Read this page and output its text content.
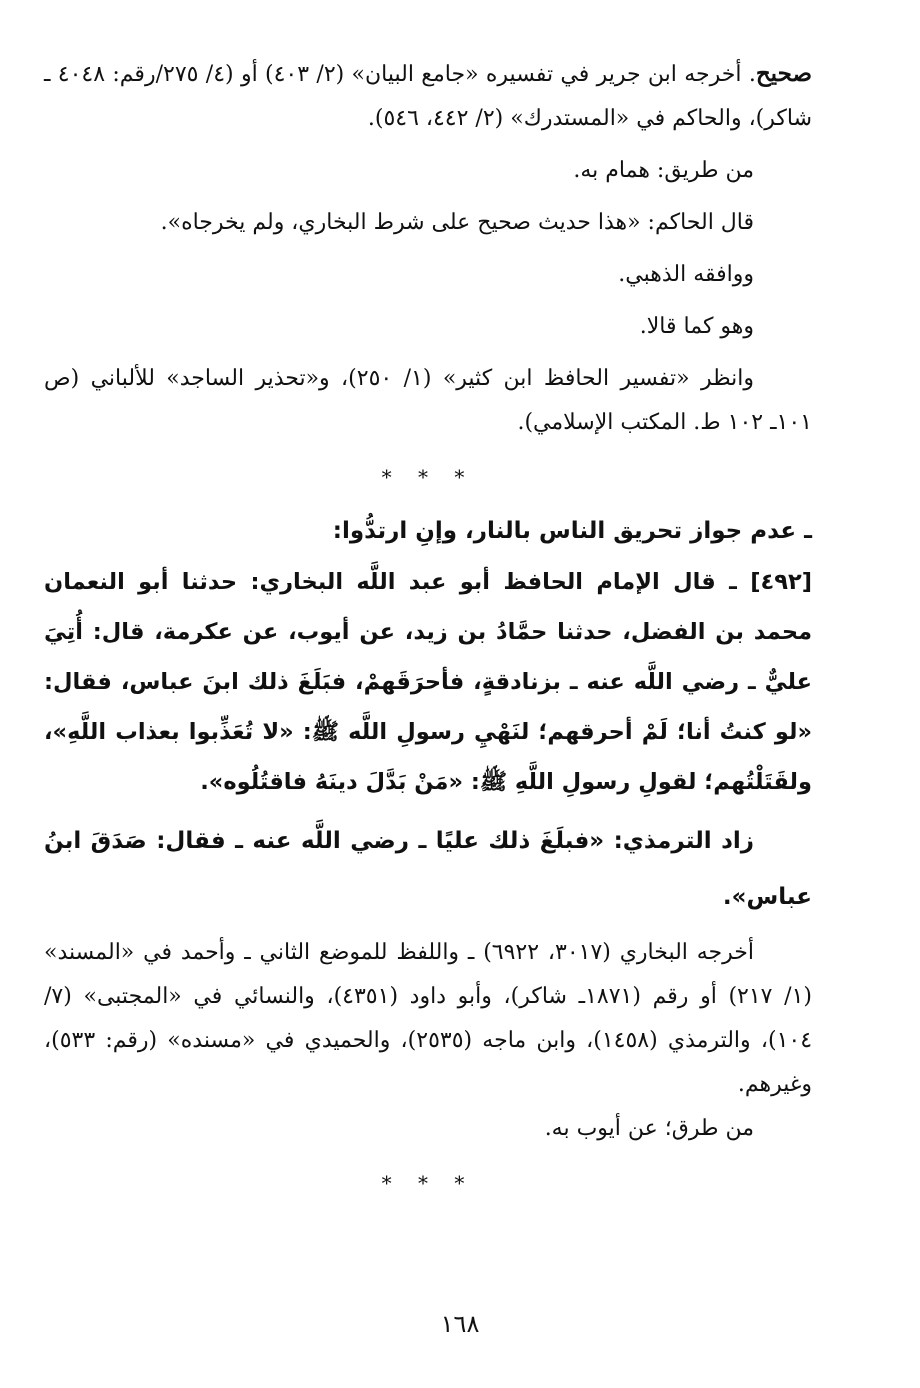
صحيح. أخرجه ابن جرير في تفسيره «جامع البيان» (٢/ ٤٠٣) أو (٤/ ٢٧٥/رقم: ٤٠٤٨ ـ شاكر)، والحاكم في «المستدرك» (٢/ ٤٤٢، ٥٤٦).

من طريق: همام به.

قال الحاكم: «هذا حديث صحيح على شرط البخاري، ولم يخرجاه».

ووافقه الذهبي.

وهو كما قالا.

وانظر «تفسير الحافظ ابن كثير» (١/ ٢٥٠)، و«تحذير الساجد» للألباني (ص ١٠١ـ ١٠٢ ط. المكتب الإسلامي).

* * *

ـ عدم جواز تحريق الناس بالنار، وإنِ ارتدُّوا:

[٤٩٢] ـ قال الإمام الحافظ أبو عبد اللَّه البخاري: حدثنا أبو النعمان محمد بن الفضل، حدثنا حمَّادُ بن زيد، عن أيوب، عن عكرمة، قال: أُتِيَ عليٌّ ـ رضي اللَّه عنه ـ بزنادقةٍ، فأحرَقَهمْ، فبَلَغَ ذلك ابنَ عباس، فقال: «لو كنتُ أنا؛ لَمْ أحرقهم؛ لنَهْيِ رسولِ اللَّه ﷺ: «لا تُعَذِّبوا بعذاب اللَّهِ»، ولقَتَلْتُهم؛ لقولِ رسولِ اللَّهِ ﷺ: «مَنْ بَدَّلَ دينَهُ فاقتُلُوه».

زاد الترمذي: «فبلَغَ ذلك عليًا ـ رضي اللَّه عنه ـ فقال: صَدَقَ ابنُ عباس».

أخرجه البخاري (٣٠١٧، ٦٩٢٢) ـ واللفظ للموضع الثاني ـ وأحمد في «المسند» (١/ ٢١٧) أو رقم (١٨٧١ـ شاكر)، وأبو داود (٤٣٥١)، والنسائي في «المجتبى» (٧/ ١٠٤)، والترمذي (١٤٥٨)، وابن ماجه (٢٥٣٥)، والحميدي في «مسنده» (رقم: ٥٣٣)، وغيرهم.

من طرق؛ عن أيوب به.

* * *
١٦٨
